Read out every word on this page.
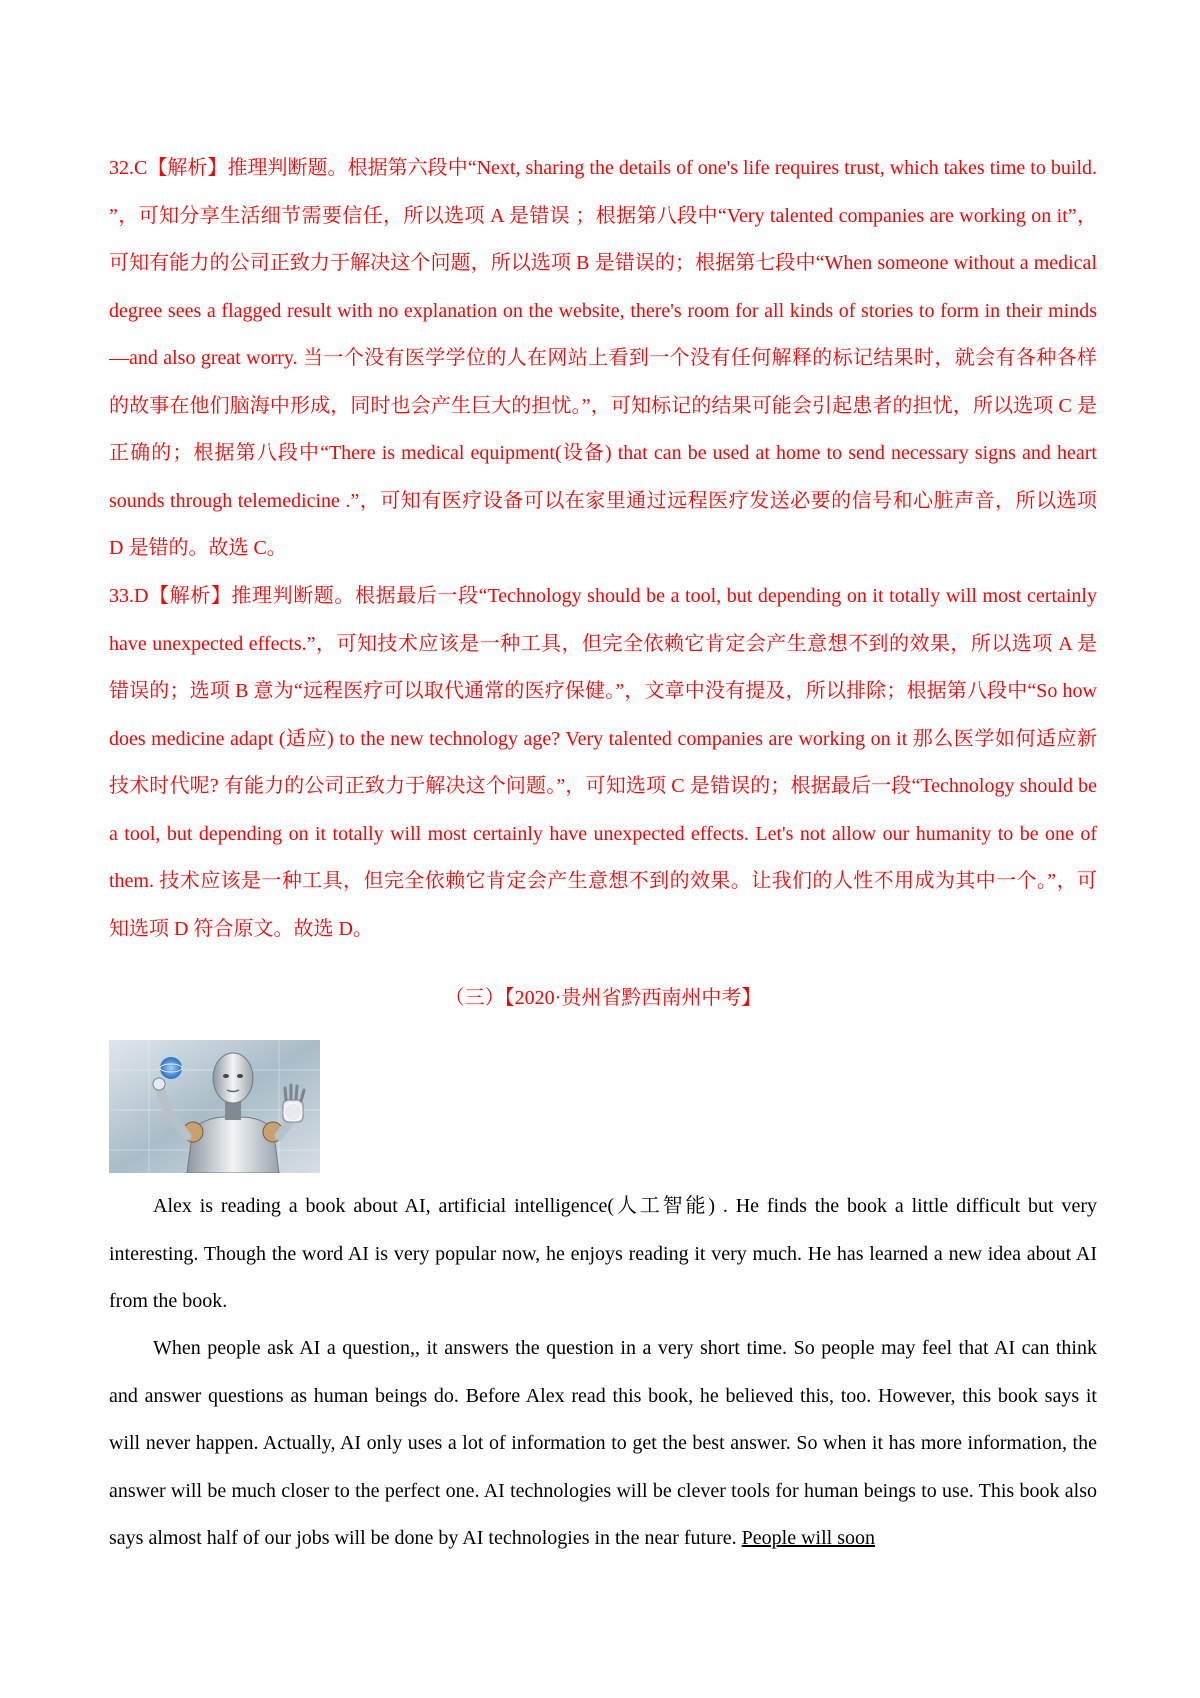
32.C【解析】推理判断题。根据第六段中“Next, sharing the details of one's life requires trust, which takes time to build. ”，可知分享生活细节需要信任，所以选项 A 是错误 ；根据第八段中“Very talented companies are working on it”，可知有能力的公司正致力于解决这个问题，所以选项 B 是错误的；根据第七段中“When someone without a medical degree sees a flagged result with no explanation on the website, there's room for all kinds of stories to form in their minds—and also great worry. 当一个没有医学学位的人在网站上看到一个没有任何解释的标记结果时，就会有各种各样的故事在他们脑海中形成，同时也会产生巨大的担忧。”，可知标记的结果可能会引起患者的担忧，所以选项 C 是正确的；根据第八段中“There is medical equipment(设备) that can be used at home to send necessary signs and heart sounds through telemedicine .”，可知有医疗设备可以在家里通过远程医疗发送必要的信号和心脏声音，所以选项 D 是错的。故选 C。

33.D【解析】推理判断题。根据最后一段“Technology should be a tool, but depending on it totally will most certainly have unexpected effects.”，可知技术应该是一种工具，但完全依赖它肯定会产生意想不到的效果，所以选项 A 是错误的；选项 B 意为“远程医疗可以取代通常的医疗保健。”，文章中没有提及，所以排除；根据第八段中“So how does medicine adapt (适应) to the new technology age? Very talented companies are working on it 那么医学如何适应新技术时代呢? 有能力的公司正致力于解决这个问题。”，可知选项 C 是错误的；根据最后一段“Technology should be a tool, but depending on it totally will most certainly have unexpected effects. Let's not allow our humanity to be one of them. 技术应该是一种工具，但完全依赖它肯定会产生意想不到的效果。让我们的人性不用成为其中一个。”，可知选项 D 符合原文。故选 D。

（三）【2020·贵州省黔西南州中考】

Alex is reading a book about AI, artificial intelligence(人工智能) . He finds the book a little difficult but very interesting. Though the word AI is very popular now, he enjoys reading it very much. He has learned a new idea about AI from the book.

When people ask AI a question,, it answers the question in a very short time. So people may feel that AI can think and answer questions as human beings do. Before Alex read this book, he believed this, too. However, this book says it will never happen. Actually, AI only uses a lot of information to get the best answer. So when it has more information, the answer will be much closer to the perfect one. AI technologies will be clever tools for human beings to use. This book also says almost half of our jobs will be done by AI technologies in the near future. People will soon
